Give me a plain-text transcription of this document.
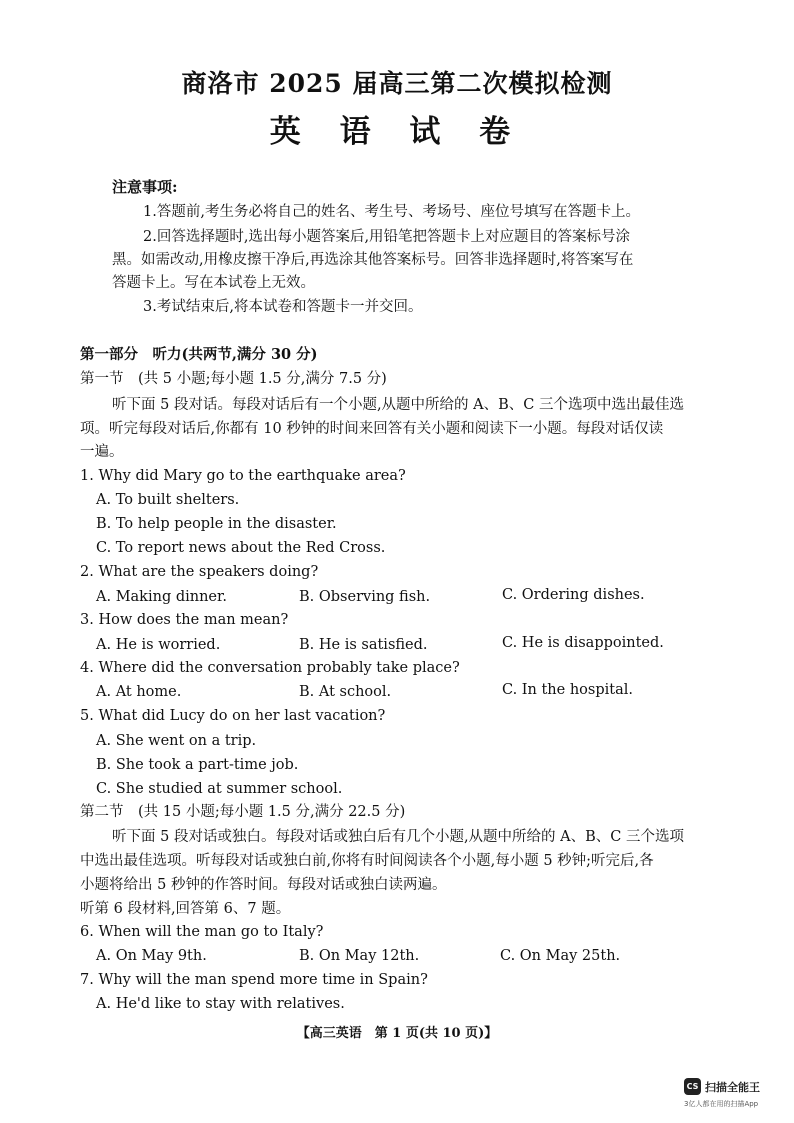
商洛市 2025 届高三第二次模拟检测
英 语 试 卷
注意事项:
1.答题前,考生务必将自己的姓名、考生号、考场号、座位号填写在答题卡上。
2.回答选择题时,选出每小题答案后,用铅笔把答题卡上对应题目的答案标号涂
黑。如需改动,用橡皮擦干净后,再选涂其他答案标号。回答非选择题时,将答案写在
答题卡上。写在本试卷上无效。
3.考试结束后,将本试卷和答题卡一并交回。
第一部分　听力(共两节,满分 30 分)
第一节　(共 5 小题;每小题 1.5 分,满分 7.5 分)
听下面 5 段对话。每段对话后有一个小题,从题中所给的 A、B、C 三个选项中选出最佳选
项。听完每段对话后,你都有 10 秒钟的时间来回答有关小题和阅读下一小题。每段对话仅读
一遍。
1. Why did Mary go to the earthquake area?
A. To built shelters.
B. To help people in the disaster.
C. To report news about the Red Cross.
2. What are the speakers doing?
A. Making dinner.	B. Observing fish.	C. Ordering dishes.
3. How does the man mean?
A. He is worried.	B. He is satisfied.	C. He is disappointed.
4. Where did the conversation probably take place?
A. At home.	B. At school.	C. In the hospital.
5. What did Lucy do on her last vacation?
A. She went on a trip.
B. She took a part-time job.
C. She studied at summer school.
第二节　(共 15 小题;每小题 1.5 分,满分 22.5 分)
听下面 5 段对话或独白。每段对话或独白后有几个小题,从题中所给的 A、B、C 三个选项
中选出最佳选项。听每段对话或独白前,你将有时间阅读各个小题,每小题 5 秒钟;听完后,各
小题将给出 5 秒钟的作答时间。每段对话或独白读两遍。
听第 6 段材料,回答第 6、7 题。
6. When will the man go to Italy?
A. On May 9th.	B. On May 12th.	C. On May 25th.
7. Why will the man spend more time in Spain?
A. He'd like to stay with relatives.
【高三英语　第 1 页(共 10 页)】
CS 扫描全能王
3亿人都在用的扫描App
